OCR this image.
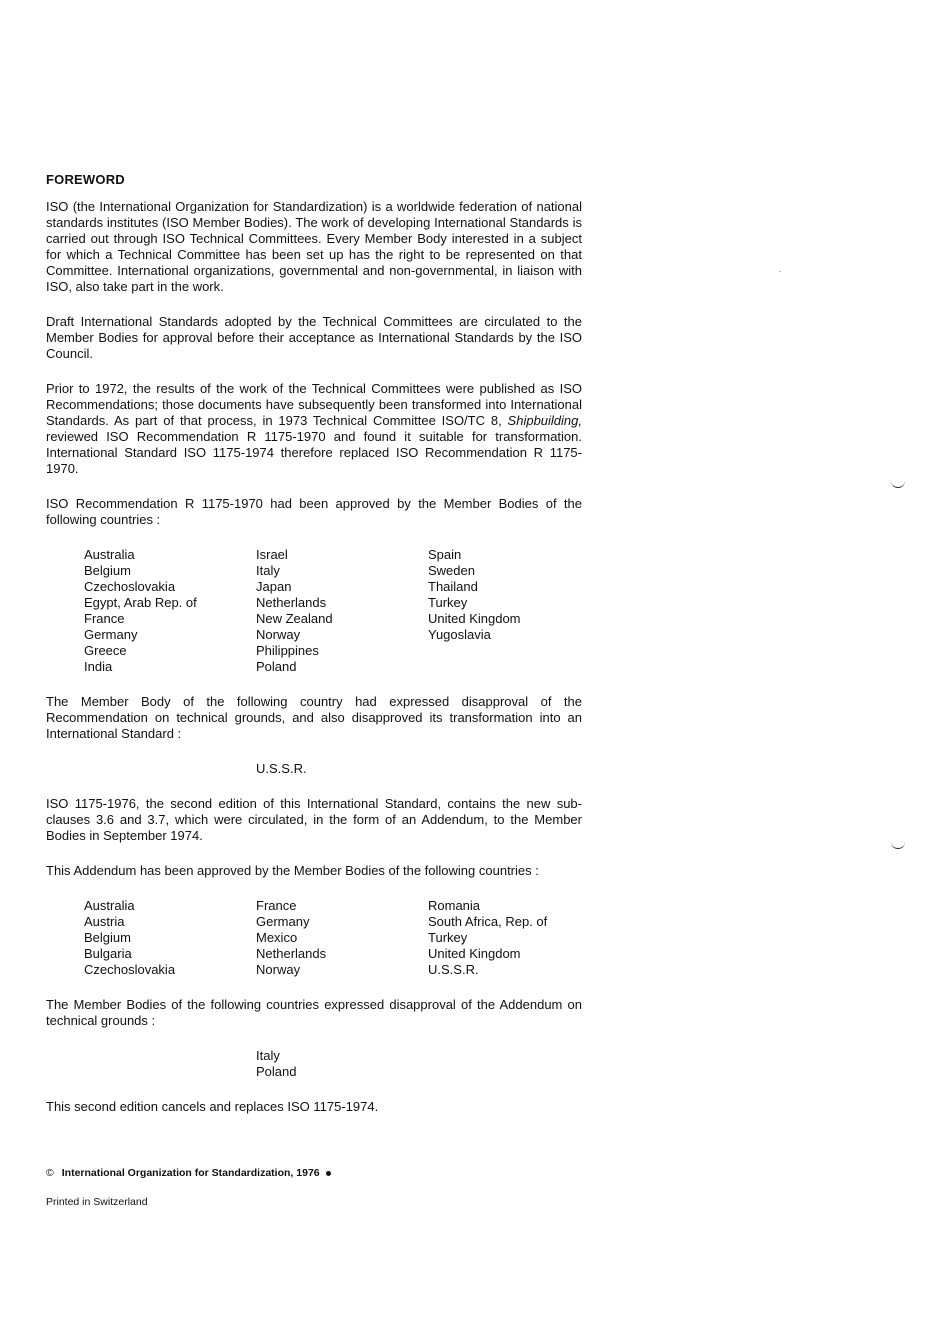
FOREWORD

ISO (the International Organization for Standardization) is a worldwide federation of national standards institutes (ISO Member Bodies). The work of developing International Standards is carried out through ISO Technical Committees. Every Member Body interested in a subject for which a Technical Committee has been set up has the right to be represented on that Committee. International organizations, governmental and non-governmental, in liaison with ISO, also take part in the work.

Draft International Standards adopted by the Technical Committees are circulated to the Member Bodies for approval before their acceptance as International Standards by the ISO Council.

Prior to 1972, the results of the work of the Technical Committees were published as ISO Recommendations; those documents have subsequently been transformed into International Standards. As part of that process, in 1973 Technical Committee ISO/TC 8, Shipbuilding, reviewed ISO Recommendation R 1175-1970 and found it suitable for transformation. International Standard ISO 1175-1974 therefore replaced ISO Recommendation R 1175-1970.

ISO Recommendation R 1175-1970 had been approved by the Member Bodies of the following countries :

Australia
Belgium
Czechoslovakia
Egypt, Arab Rep. of
France
Germany
Greece
India
Israel
Italy
Japan
Netherlands
New Zealand
Norway
Philippines
Poland
Spain
Sweden
Thailand
Turkey
United Kingdom
Yugoslavia

The Member Body of the following country had expressed disapproval of the Recommendation on technical grounds, and also disapproved its transformation into an International Standard :

U.S.S.R.

ISO 1175-1976, the second edition of this International Standard, contains the new sub-clauses 3.6 and 3.7, which were circulated, in the form of an Addendum, to the Member Bodies in September 1974.

This Addendum has been approved by the Member Bodies of the following countries :

Australia
Austria
Belgium
Bulgaria
Czechoslovakia
France
Germany
Mexico
Netherlands
Norway
Romania
South Africa, Rep. of
Turkey
United Kingdom
U.S.S.R.

The Member Bodies of the following countries expressed disapproval of the Addendum on technical grounds :

Italy
Poland

This second edition cancels and replaces ISO 1175-1974.

© International Organization for Standardization, 1976
Printed in Switzerland
